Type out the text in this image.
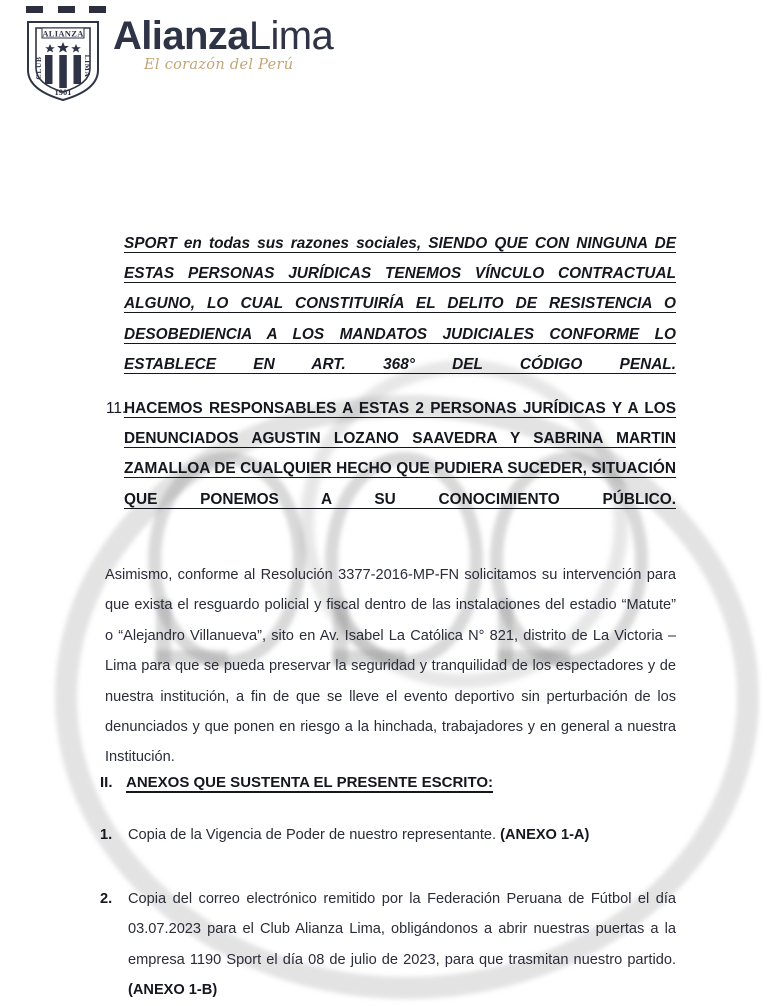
ALIANZA
CLUB	LIMA
1901
AlianzaLima
El corazón del Perú
SPORT en todas sus razones sociales, SIENDO QUE CON NINGUNA DE ESTAS PERSONAS JURÍDICAS TENEMOS VÍNCULO CONTRACTUAL ALGUNO, LO CUAL CONSTITUIRÍA EL DELITO DE RESISTENCIA O DESOBEDIENCIA A LOS MANDATOS JUDICIALES CONFORME LO ESTABLECE EN ART. 368° DEL CÓDIGO PENAL.
11.
HACEMOS RESPONSABLES A ESTAS 2 PERSONAS JURÍDICAS Y A LOS DENUNCIADOS AGUSTIN LOZANO SAAVEDRA Y SABRINA MARTIN ZAMALLOA DE CUALQUIER HECHO QUE PUDIERA SUCEDER, SITUACIÓN QUE PONEMOS A SU CONOCIMIENTO PÚBLICO.
Asimismo, conforme al Resolución 3377-2016-MP-FN solicitamos su intervención para que exista el resguardo policial y fiscal dentro de las instalaciones del estadio “Matute” o “Alejandro Villanueva”, sito en Av. Isabel La Católica N° 821, distrito de La Victoria – Lima para que se pueda preservar la seguridad y tranquilidad de los espectadores y de nuestra institución, a fin de que se lleve el evento deportivo sin perturbación de los denunciados y que ponen en riesgo a la hinchada, trabajadores y en general a nuestra Institución.
II. ANEXOS QUE SUSTENTA EL PRESENTE ESCRITO:
1. Copia de la Vigencia de Poder de nuestro representante. (ANEXO 1-A)
2. Copia del correo electrónico remitido por la Federación Peruana de Fútbol el día 03.07.2023 para el Club Alianza Lima, obligándonos a abrir nuestras puertas a la empresa 1190 Sport el día 08 de julio de 2023, para que trasmitan nuestro partido. (ANEXO 1-B)
